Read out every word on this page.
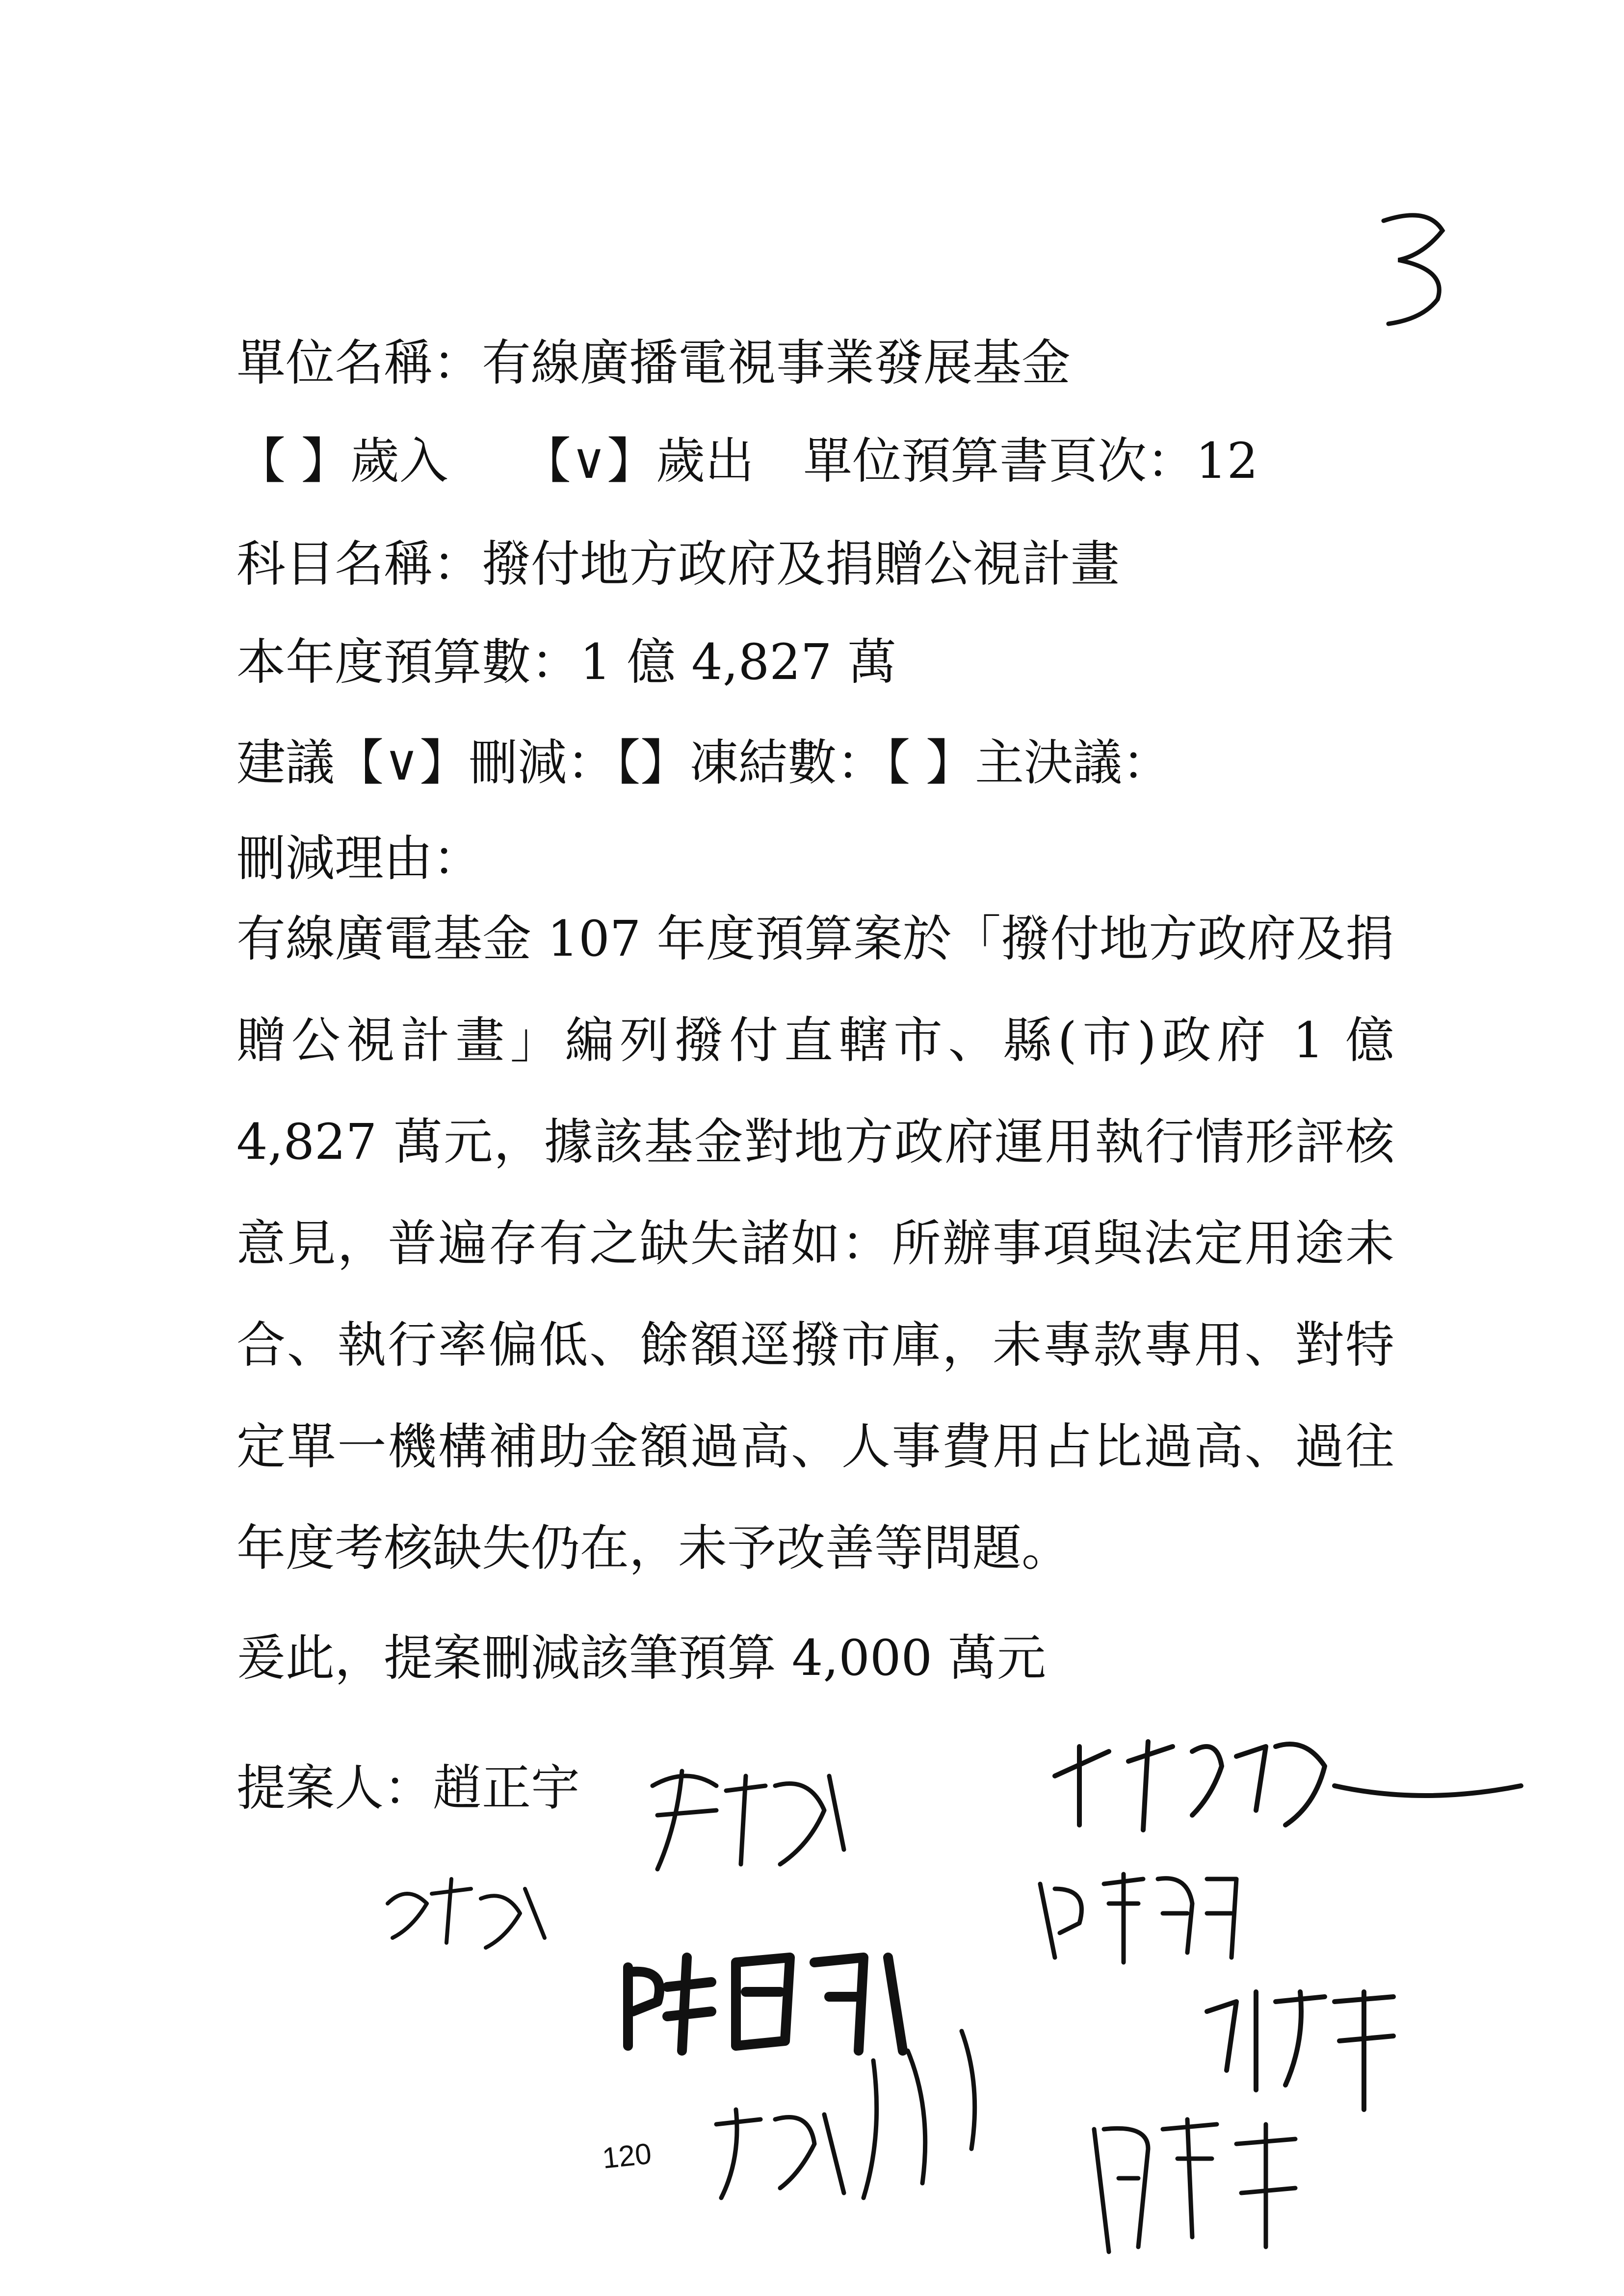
單位名稱：有線廣播電視事業發展基金
【 】歲入　　【∨】歲出　單位預算書頁次：12
科目名稱：撥付地方政府及捐贈公視計畫
本年度預算數：1 億 4,827 萬
建議【∨】刪減：【】凍結數：【 】主決議：
刪減理由：
有線廣電基金 107 年度預算案於「撥付地方政府及捐贈公視計畫」編列撥付直轄市、縣(市)政府 1 億 4,827 萬元，據該基金對地方政府運用執行情形評核意見，普遍存有之缺失諸如：所辦事項與法定用途未合、執行率偏低、餘額逕撥市庫，未專款專用、對特定單一機構補助金額過高、人事費用占比過高、過往年度考核缺失仍在，未予改善等問題。
爰此，提案刪減該筆預算 4,000 萬元
提案人：趙正宇
120
